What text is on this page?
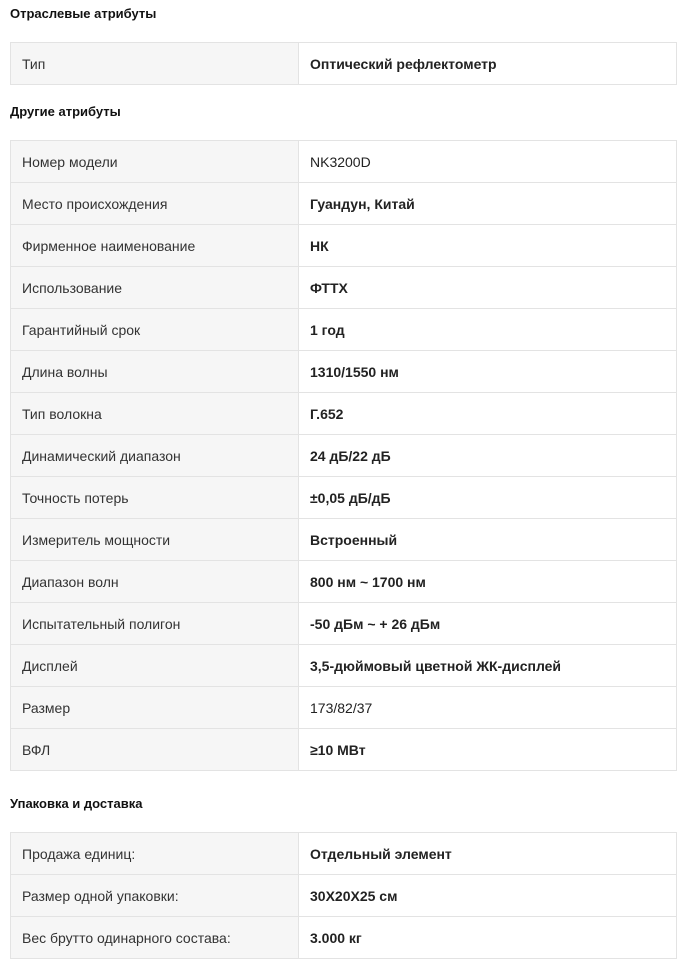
Отраслевые атрибуты
Тип	Оптический рефлектометр
Другие атрибуты
Номер модели	NK3200D
Место происхождения	Гуандун, Китай
Фирменное наименование	НК
Использование	ФТТХ
Гарантийный срок	1 год
Длина волны	1310/1550 нм
Тип волокна	Г.652
Динамический диапазон	24 дБ/22 дБ
Точность потерь	±0,05 дБ/дБ
Измеритель мощности	Встроенный
Диапазон волн	800 нм ~ 1700 нм
Испытательный полигон	-50 дБм ~ + 26 дБм
Дисплей	3,5-дюймовый цветной ЖК-дисплей
Размер	173/82/37
ВФЛ	≥10 МВт
Упаковка и доставка
Продажа единиц:	Отдельный элемент
Размер одной упаковки:	30X20X25 см
Вес брутто одинарного состава:	3.000 кг
